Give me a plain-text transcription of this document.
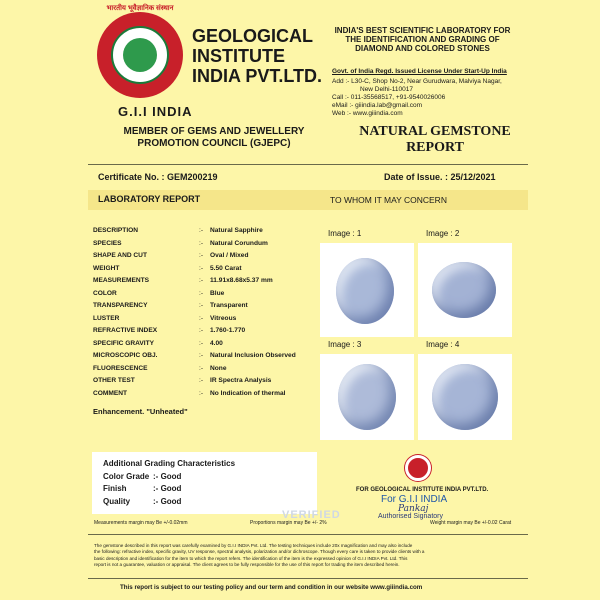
भारतीय भूवैज्ञानिक संस्थान
G.I.I INDIA
GEOLOGICAL
INSTITUTE
INDIA PVT.LTD.
MEMBER OF GEMS AND JEWELLERY
PROMOTION COUNCIL (GJEPC)
INDIA'S BEST SCIENTIFIC LABORATORY FOR
THE IDENTIFICATION AND GRADING OF
DIAMOND AND COLORED STONES
Govt. of India Regd. Issued License Under Start-Up India
Add :- L30-C, Shop No-2, Near Gurudwara, Malviya Nagar,
New Delhi-110017
Call :- 011-35568517, +91-9540026006
eMail :- giiindia.lab@gmail.com
Web :- www.giiindia.com
NATURAL GEMSTONE
REPORT
Certificate No. : GEM200219	Date of Issue. : 25/12/2021
LABORATORY REPORT	TO WHOM IT MAY CONCERN
DESCRIPTION	:- Natural Sapphire
SPECIES	:- Natural Corundum
SHAPE AND CUT	:- Oval / Mixed
WEIGHT	:- 5.50 Carat
MEASUREMENTS	:- 11.91x8.68x5.37 mm
COLOR	:- Blue
TRANSPARENCY	:- Transparent
LUSTER	:- Vitreous
REFRACTIVE INDEX	:- 1.760-1.770
SPECIFIC GRAVITY	:- 4.00
MICROSCOPIC OBJ.	:- Natural Inclusion Observed
FLUORESCENCE	:- None
OTHER TEST	:- IR Spectra Analysis
COMMENT	:- No Indication of thermal
Enhancement. "Unheated"
Image : 1	Image : 2
Image : 3	Image : 4
Additional Grading Characteristics
Color Grade :- Good
Finish	:- Good
Quality	:- Good
Measurements margin may Be +/-0.02mm	Proportions margin may Be +/- 2%	Weight margin may Be +/-0.02 Carat
VERIFIED
FOR GEOLOGICAL INSTITUTE INDIA PVT.LTD.
For G.I.I INDIA
Pankaj
Authorised Signatory
The gemstone described in this report was carefully examined by G.I.I INDIA Pvt. Ltd. The testing techniques include 20x magnification and may also include
the following: refractive index, specific gravity, UV response, spectral analysis, polarization and/or dichroscope. Though every care is taken to provide clients with a
basic description and identification for the item to which the report refers. The identification of the item is the expressed opinion of G.I.I INDIA Pvt. Ltd. This
report is not a guarantee, valuation or appraisal. The client agrees to be fully responsible for the use of this report for trading the item described herein.
This report is subject to our testing policy and our term and condition in our website www.giiindia.com
